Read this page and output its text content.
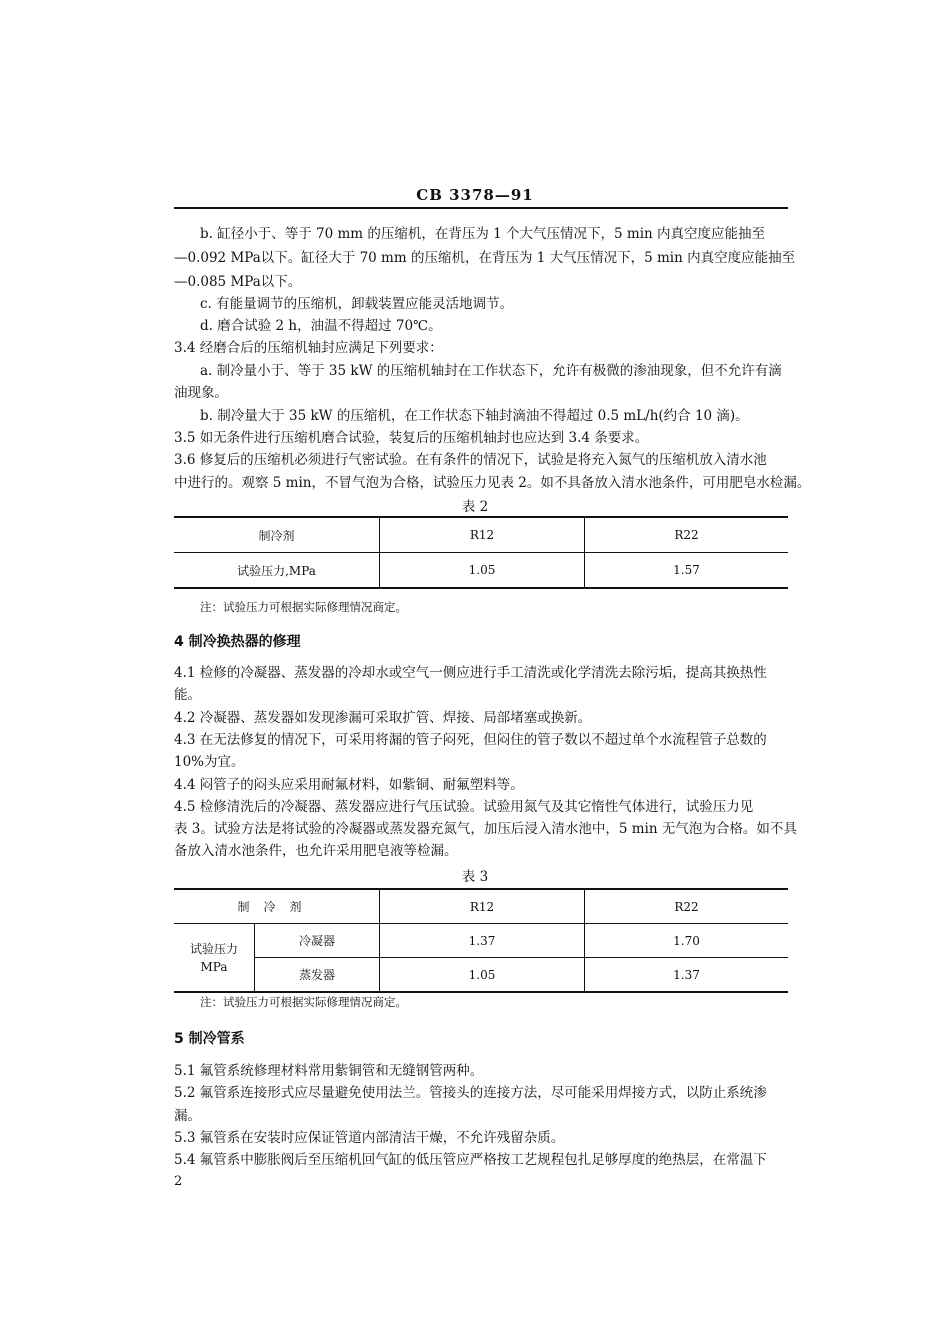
CB 3378—91
b. 缸径小于、等于 70 mm 的压缩机，在背压为 1 个大气压情况下，5 min 内真空度应能抽至
—0.092 MPa以下。缸径大于 70 mm 的压缩机，在背压为 1 大气压情况下，5 min 内真空度应能抽至
—0.085 MPa以下。
c. 有能量调节的压缩机，卸载装置应能灵活地调节。
d. 磨合试验 2 h，油温不得超过 70℃。
3.4 经磨合后的压缩机轴封应满足下列要求：
a. 制冷量小于、等于 35 kW 的压缩机轴封在工作状态下，允许有极微的渗油现象，但不允许有滴
油现象。
b. 制冷量大于 35 kW 的压缩机，在工作状态下轴封滴油不得超过 0.5 mL/h(约合 10 滴)。
3.5 如无条件进行压缩机磨合试验，装复后的压缩机轴封也应达到 3.4 条要求。
3.6 修复后的压缩机必须进行气密试验。在有条件的情况下，试验是将充入氮气的压缩机放入清水池
中进行的。观察 5 min，不冒气泡为合格，试验压力见表 2。如不具备放入清水池条件，可用肥皂水检漏。
表 2
制冷剂	R12	R22
试验压力,MPa	1.05	1.57
注：试验压力可根据实际修理情况商定。
4 制冷换热器的修理
4.1 检修的冷凝器、蒸发器的冷却水或空气一侧应进行手工清洗或化学清洗去除污垢，提高其换热性
能。
4.2 冷凝器、蒸发器如发现渗漏可采取扩管、焊接、局部堵塞或换新。
4.3 在无法修复的情况下，可采用将漏的管子闷死，但闷住的管子数以不超过单个水流程管子总数的
10%为宜。
4.4 闷管子的闷头应采用耐氟材料，如紫铜、耐氟塑料等。
4.5 检修清洗后的冷凝器、蒸发器应进行气压试验。试验用氮气及其它惰性气体进行，试验压力见
表 3。试验方法是将试验的冷凝器或蒸发器充氮气，加压后浸入清水池中，5 min 无气泡为合格。如不具
备放入清水池条件，也允许采用肥皂液等检漏。
表 3
制冷剂		R12	R22

试验压力
MPa	冷凝器	1.37	1.70
	蒸发器	1.05	1.37
注：试验压力可根据实际修理情况商定。
5 制冷管系
5.1 氟管系统修理材料常用紫铜管和无缝钢管两种。
5.2 氟管系连接形式应尽量避免使用法兰。管接头的连接方法，尽可能采用焊接方式，以防止系统渗
漏。
5.3 氟管系在安装时应保证管道内部清洁干燥，不允许残留杂质。
5.4 氟管系中膨胀阀后至压缩机回气缸的低压管应严格按工艺规程包扎足够厚度的绝热层，在常温下
2
